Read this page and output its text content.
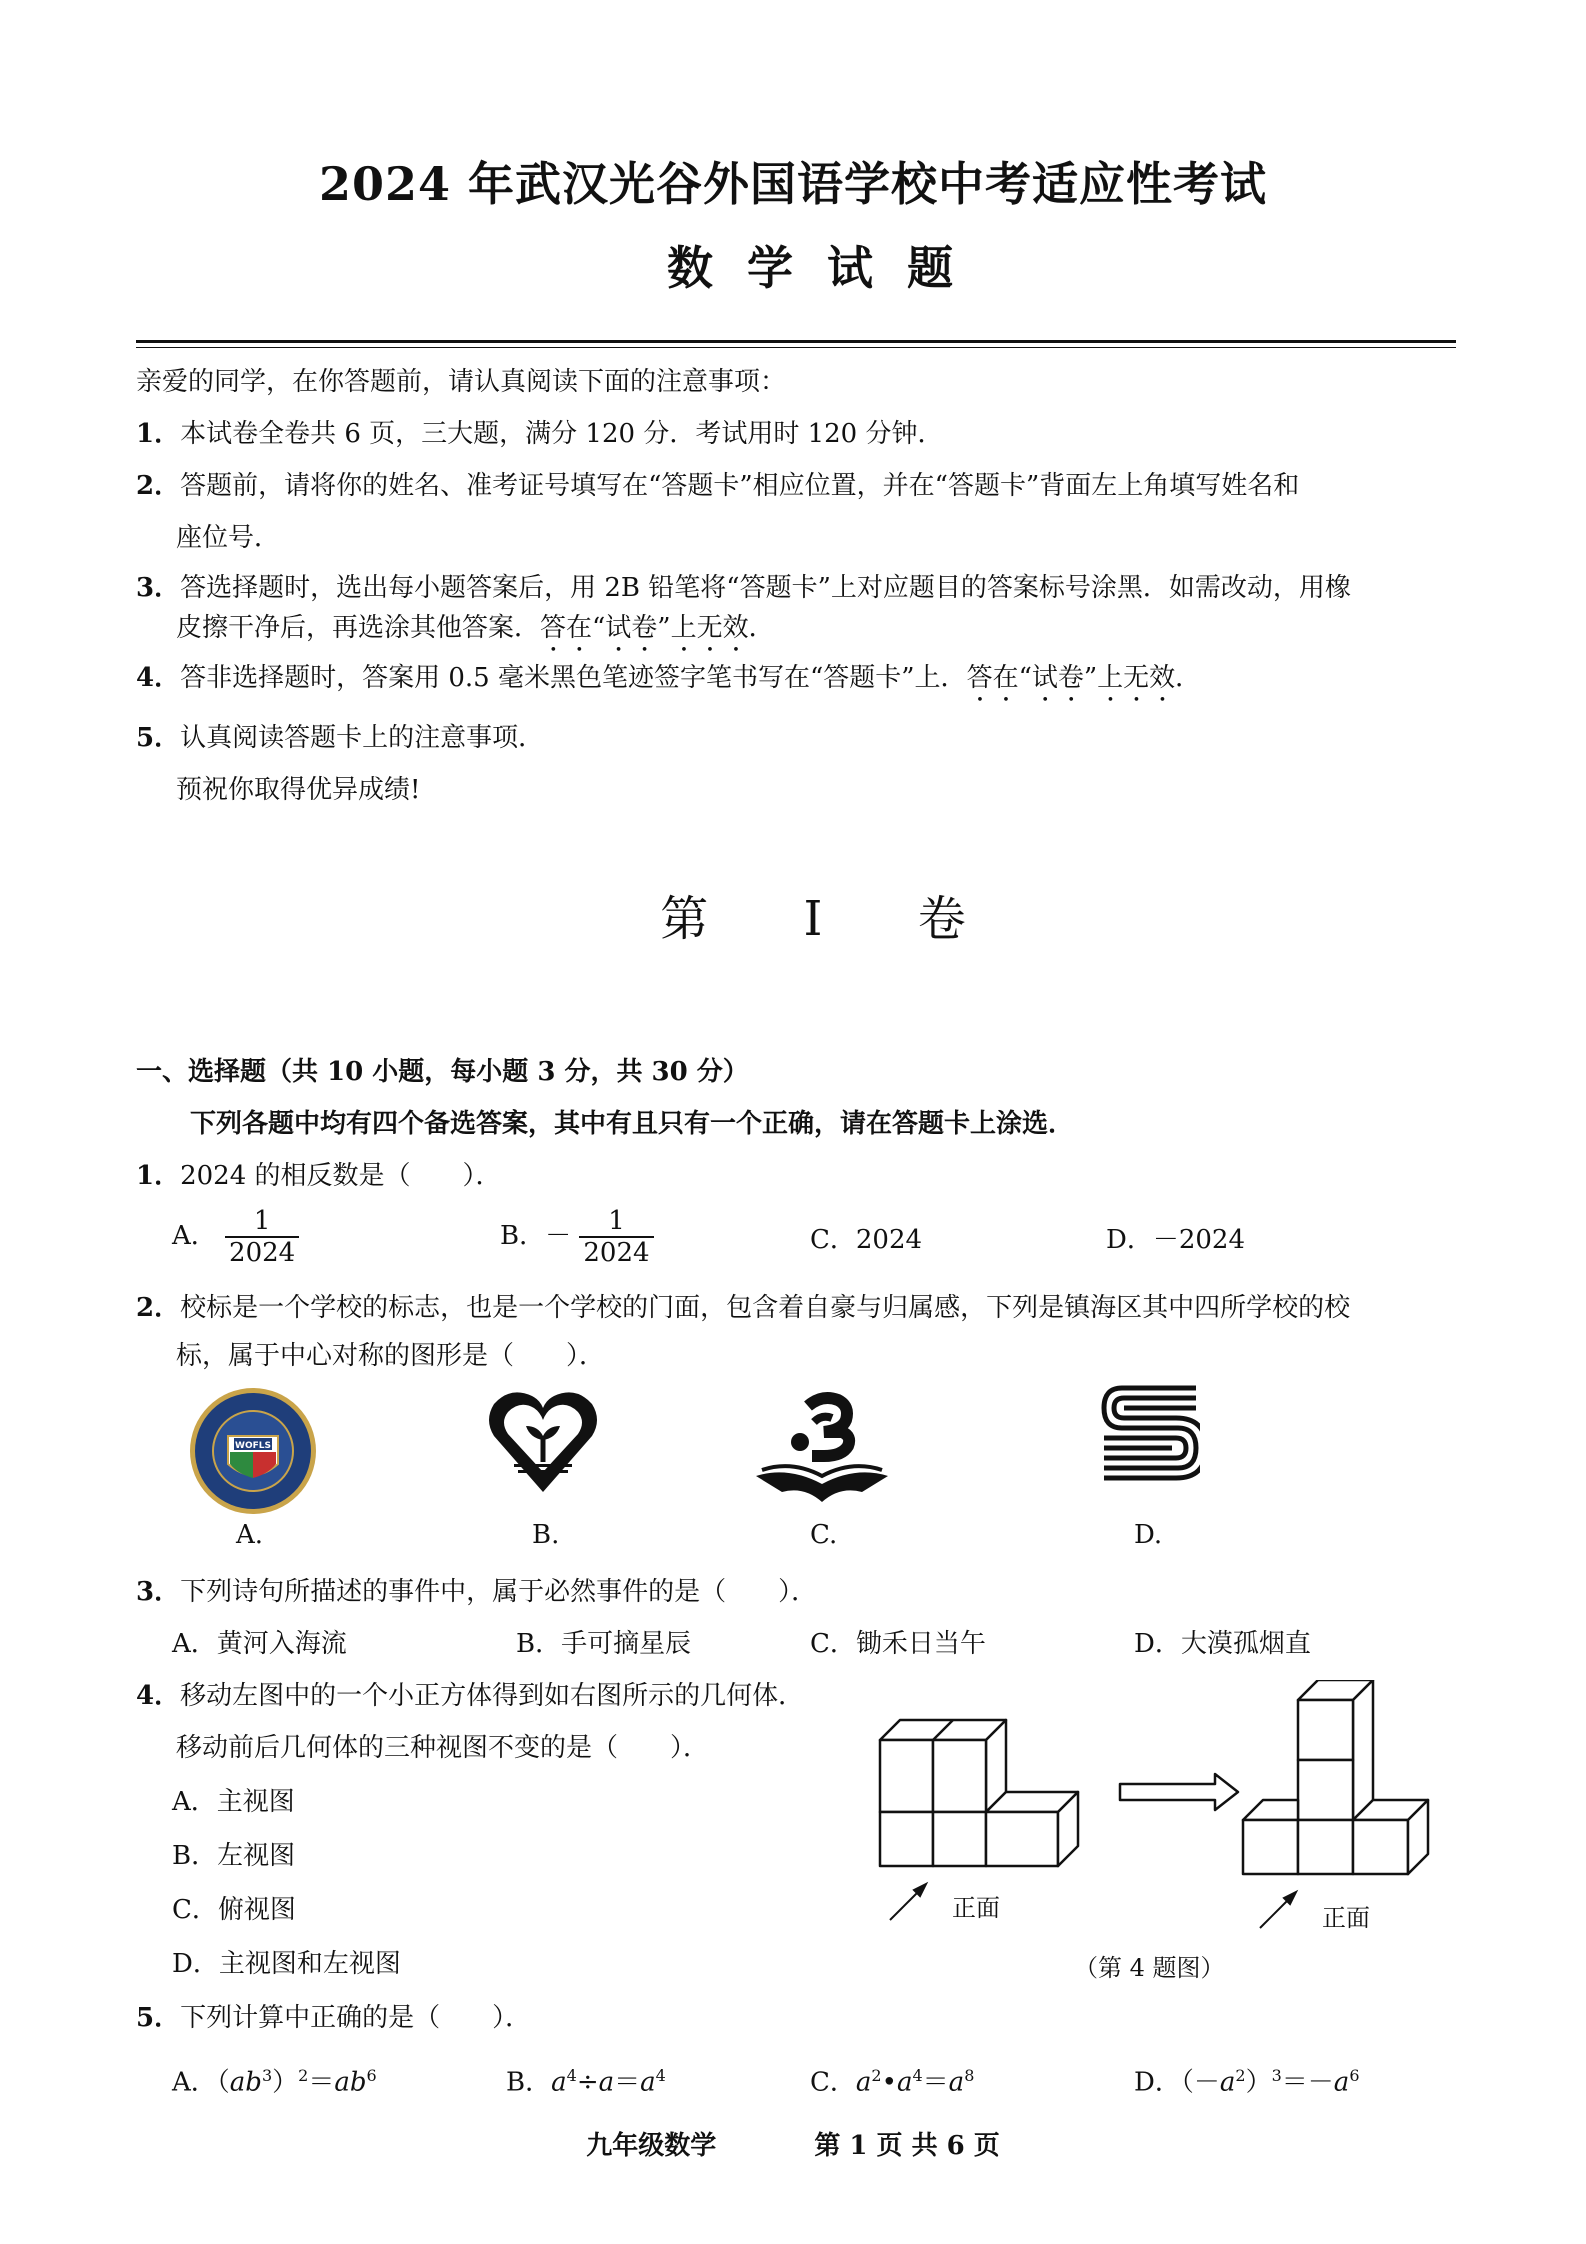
2024 年武汉光谷外国语学校中考适应性考试
数学试题
亲爱的同学，在你答题前，请认真阅读下面的注意事项：
1．本试卷全卷共 6 页，三大题，满分 120 分．考试用时 120 分钟．
2．答题前，请将你的姓名、准考证号填写在“答题卡”相应位置，并在“答题卡”背面左上角填写姓名和
座位号．
3．答选择题时，选出每小题答案后，用 2B 铅笔将“答题卡”上对应题目的答案标号涂黑．如需改动，用橡
皮擦干净后，再选涂其他答案．答在“试卷”上无效．
4．答非选择题时，答案用 0.5 毫米黑色笔迹签字笔书写在“答题卡”上．答在“试卷”上无效．
5．认真阅读答题卡上的注意事项．
预祝你取得优异成绩!
第 I 卷
一、选择题（共 10 小题，每小题 3 分，共 30 分）
下列各题中均有四个备选答案，其中有且只有一个正确，请在答题卡上涂选．
1．2024 的相反数是（　　）．
A． $\frac{1}{2024}$	B．－ $\frac{1}{2024}$	C．2024	D．－2024
2．校标是一个学校的标志，也是一个学校的门面，包含着自豪与归属感，下列是镇海区其中四所学校的校
标，属于中心对称的图形是（　　）．
WOFLS
A.	B.	C.	D.
3．下列诗句所描述的事件中，属于必然事件的是（　　）．
A．黄河入海流	B．手可摘星辰	C．锄禾日当午	D．大漠孤烟直
4．移动左图中的一个小正方体得到如右图所示的几何体．
移动前后几何体的三种视图不变的是（　　）．
A．主视图
B．左视图
C．俯视图
D．主视图和左视图
正面	正面
（第 4 题图）
5．下列计算中正确的是（　　）．
A．$(ab^3)^2=ab^6$	B．$a^4\div a=a^4$	C．$a^2•a^4=a^8$	D．$(-a^2)^3=-a^6$
九年级数学	第 1 页 共 6 页
